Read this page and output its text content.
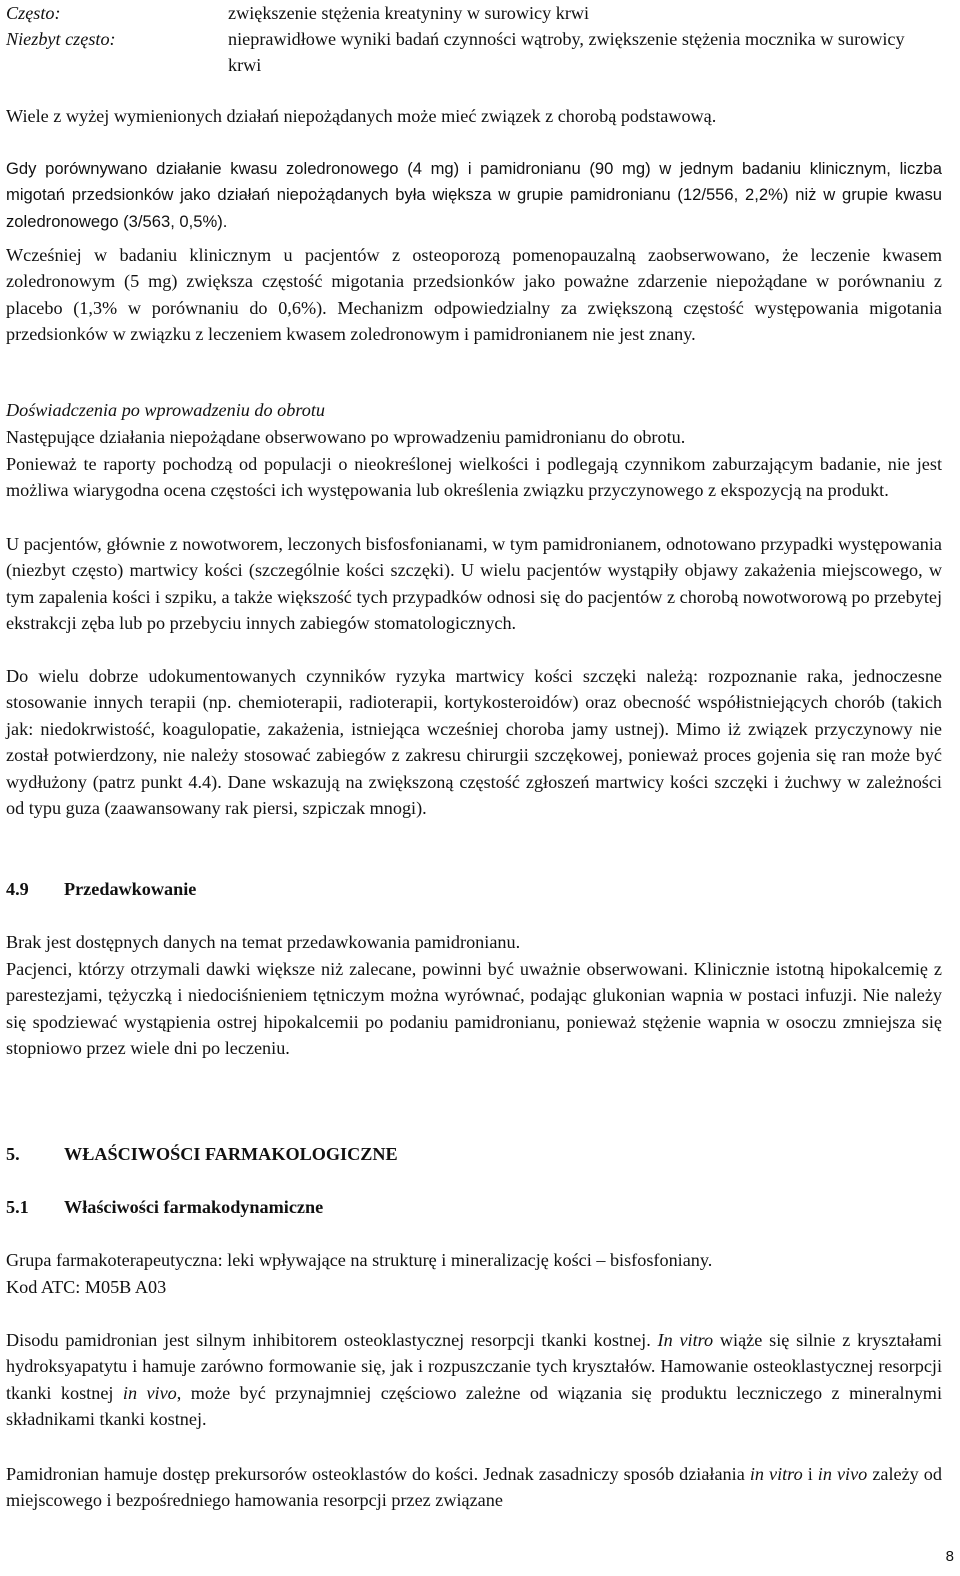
Często:	zwiększenie stężenia kreatyniny w surowicy krwi
Niezbyt często:	nieprawidłowe wyniki badań czynności wątroby, zwiększenie stężenia mocznika w surowicy krwi

Wiele z wyżej wymienionych działań niepożądanych może mieć związek z chorobą podstawową.

Gdy porównywano działanie kwasu zoledronowego (4 mg) i pamidronianu (90 mg) w jednym badaniu klinicznym, liczba migotań przedsionków jako działań niepożądanych była większa w grupie pamidronianu (12/556, 2,2%) niż w grupie kwasu zoledronowego (3/563, 0,5%).

Wcześniej w badaniu klinicznym u pacjentów z osteoporozą pomenopauzalną zaobserwowano, że leczenie kwasem zoledronowym (5 mg) zwiększa częstość migotania przedsionków jako poważne zdarzenie niepożądane w porównaniu z placebo (1,3% w porównaniu do 0,6%). Mechanizm odpowiedzialny za zwiększoną częstość występowania migotania przedsionków w związku z leczeniem kwasem zoledronowym i pamidronianem nie jest znany.

Doświadczenia po wprowadzeniu do obrotu

Następujące działania niepożądane obserwowano po wprowadzeniu pamidronianu do obrotu.

Ponieważ te raporty pochodzą od populacji o nieokreślonej wielkości i podlegają czynnikom zaburzającym badanie, nie jest możliwa wiarygodna ocena częstości ich występowania lub określenia związku przyczynowego z ekspozycją na produkt.

U pacjentów, głównie z nowotworem, leczonych bisfosfonianami, w tym pamidronianem, odnotowano przypadki występowania (niezbyt często) martwicy kości (szczególnie kości szczęki). U wielu pacjentów wystąpiły objawy zakażenia miejscowego, w tym zapalenia kości i szpiku, a także większość tych przypadków odnosi się do pacjentów z chorobą nowotworową po przebytej ekstrakcji zęba lub po przebyciu innych zabiegów stomatologicznych.

Do wielu dobrze udokumentowanych czynników ryzyka martwicy kości szczęki należą: rozpoznanie raka, jednoczesne stosowanie innych terapii (np. chemioterapii, radioterapii, kortykosteroidów) oraz obecność współistniejących chorób (takich jak: niedokrwistość, koagulopatie, zakażenia, istniejąca wcześniej choroba jamy ustnej). Mimo iż związek przyczynowy nie został potwierdzony, nie należy stosować zabiegów z zakresu chirurgii szczękowej, ponieważ proces gojenia się ran może być wydłużony (patrz punkt 4.4). Dane wskazują na zwiększoną częstość zgłoszeń martwicy kości szczęki i żuchwy w zależności od typu guza (zaawansowany rak piersi, szpiczak mnogi).

4.9 Przedawkowanie

Brak jest dostępnych danych na temat przedawkowania pamidronianu.

Pacjenci, którzy otrzymali dawki większe niż zalecane, powinni być uważnie obserwowani. Klinicznie istotną hipokalcemię z parestezjami, tężyczką i niedociśnieniem tętniczym można wyrównać, podając glukonian wapnia w postaci infuzji. Nie należy się spodziewać wystąpienia ostrej hipokalcemii po podaniu pamidronianu, ponieważ stężenie wapnia w osoczu zmniejsza się stopniowo przez wiele dni po leczeniu.

5. WŁAŚCIWOŚCI FARMAKOLOGICZNE
5.1 Właściwości farmakodynamiczne

Grupa farmakoterapeutyczna: leki wpływające na strukturę i mineralizację kości – bisfosfoniany.

Kod ATC: M05B A03

Disodu pamidronian jest silnym inhibitorem osteoklastycznej resorpcji tkanki kostnej. In vitro wiąże się silnie z kryształami hydroksyapatytu i hamuje zarówno formowanie się, jak i rozpuszczanie tych kryształów. Hamowanie osteoklastycznej resorpcji tkanki kostnej in vivo, może być przynajmniej częściowo zależne od wiązania się produktu leczniczego z mineralnymi składnikami tkanki kostnej.

Pamidronian hamuje dostęp prekursorów osteoklastów do kości. Jednak zasadniczy sposób działania in vitro i in vivo zależy od miejscowego i bezpośredniego hamowania resorpcji przez związane

8
